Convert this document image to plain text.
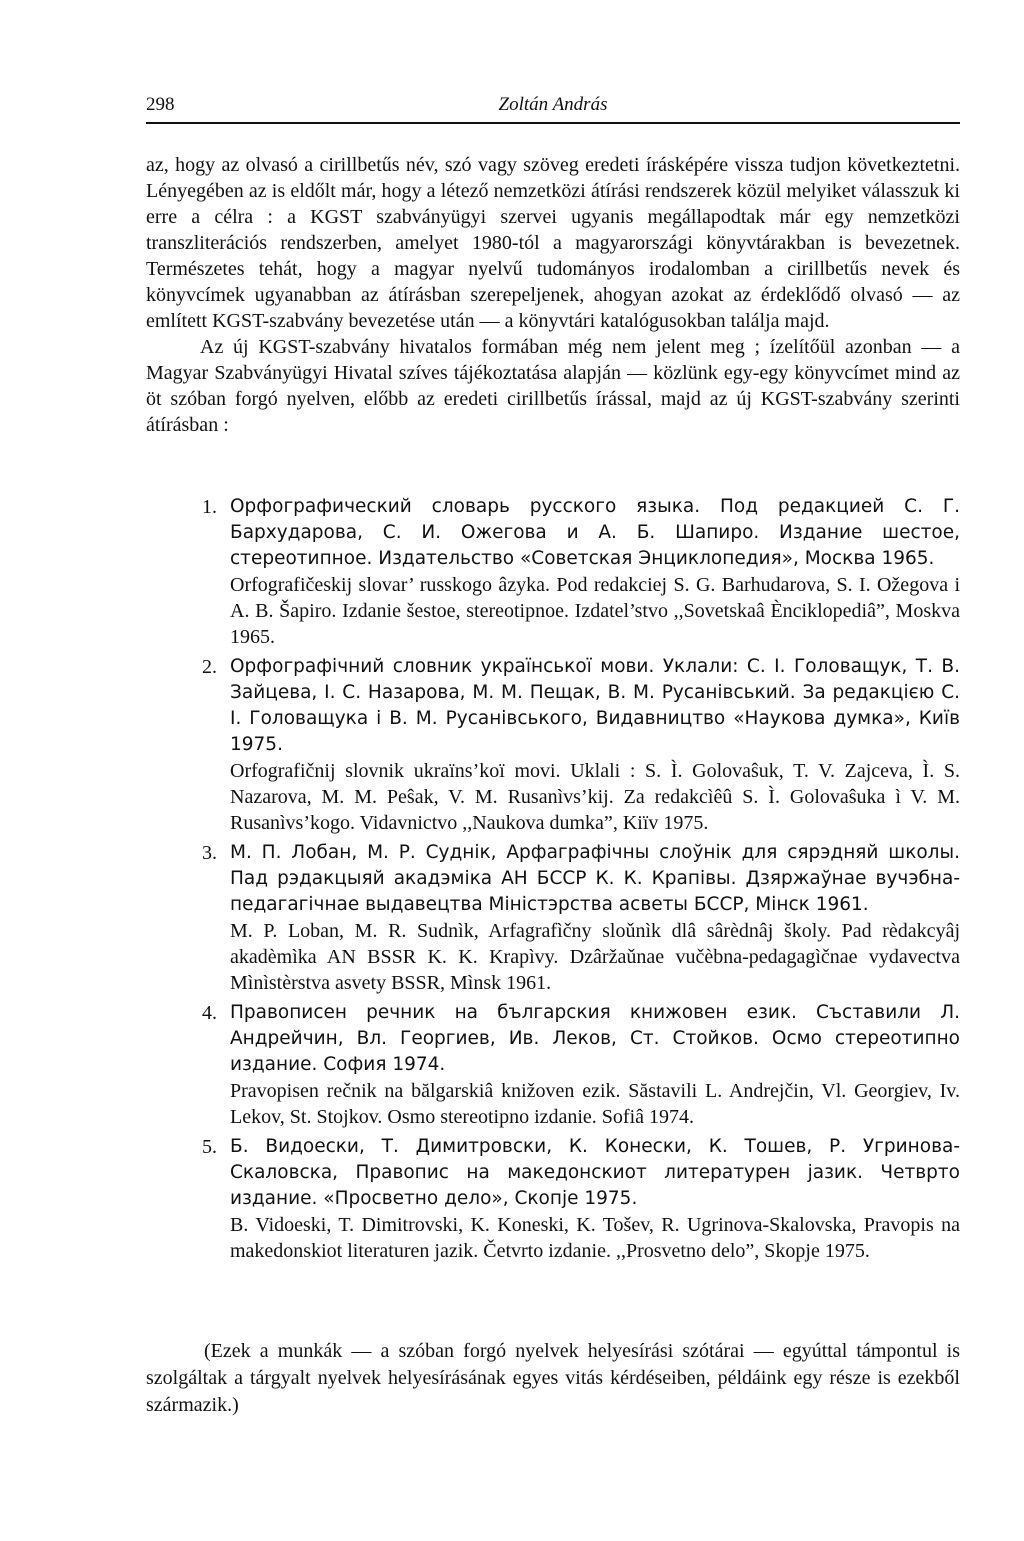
298	Zoltán András

az, hogy az olvasó a cirillbetűs név, szó vagy szöveg eredeti írásképére vissza tudjon következtetni. Lényegében az is eldőlt már, hogy a létező nemzetközi átírási rendszerek közül melyiket válasszuk ki erre a célra : a KGST szabványügyi szervei ugyanis megállapodtak már egy nemzetközi transzliterációs rendszerben, amelyet 1980-tól a magyarországi könyvtárakban is bevezetnek. Természetes tehát, hogy a magyar nyelvű tudományos irodalomban a cirillbetűs nevek és könyvcímek ugyanabban az átírásban szerepeljenek, ahogyan azokat az érdeklődő olvasó — az említett KGST-szabvány bevezetése után — a könyvtári katalógusokban találja majd.

Az új KGST-szabvány hivatalos formában még nem jelent meg ; ízelítőül azonban — a Magyar Szabványügyi Hivatal szíves tájékoztatása alapján — közlünk egy-egy könyvcímet mind az öt szóban forgó nyelven, előbb az eredeti cirillbetűs írással, majd az új KGST-szabvány szerinti átírásban :

1. Орфографический словарь русского языка. Под редакцией С. Г. Бархударова, С. И. Ожегова и А. Б. Шапиро. Издание шестое, стереотипное. Издательство «Советская Энциклопедия», Москва 1965.

Orfografičeskij slovar’ russkogo âzyka. Pod redakciej S. G. Barhudarova, S. I. Ožegova i A. B. Šapiro. Izdanie šestoe, stereotipnoe. Izdatel’stvo ,,Sovetskaâ Ènciklopediâ”, Moskva 1965.

2. Орфографічний словник української мови. Уклали: С. І. Головащук, Т. В. Зайцева, І. С. Назарова, М. М. Пещак, В. М. Русанівський. За редакцією С. І. Головащука і В. М. Русанівського, Видавництво «Наукова думка», Київ 1975.

Orfografičnij slovnik ukraïns’koï movi. Uklali : S. Ì. Golovaŝuk, T. V. Zajceva, Ì. S. Nazarova, M. M. Peŝak, V. M. Rusanìvs’kij. Za redakcìêû S. Ì. Golovaŝuka ì V. M. Rusanìvs’kogo. Vidavnictvo ,,Naukova dumka”, Kiïv 1975.

3. М. П. Лобан, М. Р. Суднік, Арфаграфічны слоўнік для сярэдняй школы. Пад рэдакцыяй акадэміка АН БССР К. К. Крапівы. Дзяржаўнае вучэбна-педагагічнае выдавецтва Міністэрства асветы БССР, Мінск 1961.

M. P. Loban, M. R. Sudnìk, Arfagrafìčny sloǔnìk dlâ sârèdnâj školy. Pad rèdakcyâj akadèmìka AN BSSR K. K. Krapìvy. Dzâržaǔnae vučèbna-pedagagìčnae vydavectva Mìnìstèrstva asvety BSSR, Mìnsk 1961.

4. Правописен речник на българския книжовен език. Съставили Л. Андрейчин, Вл. Георгиев, Ив. Леков, Ст. Стойков. Осмо стереотипно издание. София 1974.

Pravopisen rečnik na bălgarskiâ knižoven ezik. Săstavili L. Andrejčin, Vl. Georgiev, Iv. Lekov, St. Stojkov. Osmo stereotipno izdanie. Sofiâ 1974.

5. Б. Видоески, Т. Димитровски, К. Конески, К. Тошев, Р. Угринова-Скаловска, Правопис на македонскиот литературен јазик. Четврто издание. «Просветно дело», Скопје 1975.

B. Vidoeski, T. Dimitrovski, K. Koneski, K. Tošev, R. Ugrinova-Skalovska, Pravopis na makedonskiot literaturen jazik. Četvrto izdanie. ,,Prosvetno delo”, Skopje 1975.

(Ezek a munkák — a szóban forgó nyelvek helyesírási szótárai — egyúttal támpontul is szolgáltak a tárgyalt nyelvek helyesírásának egyes vitás kérdéseiben, példáink egy része is ezekből származik.)
